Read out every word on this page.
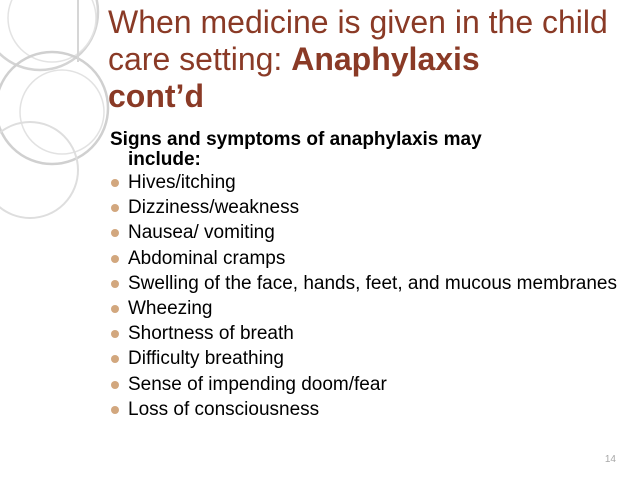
When medicine is given in the child care setting: Anaphylaxis
cont’d
Signs and symptoms of anaphylaxis may
include:
Hives/itching
Dizziness/weakness
Nausea/ vomiting
Abdominal cramps
Swelling of the face, hands, feet, and mucous membranes
Wheezing
Shortness of breath
Difficulty breathing
Sense of impending doom/fear
Loss of consciousness
14
